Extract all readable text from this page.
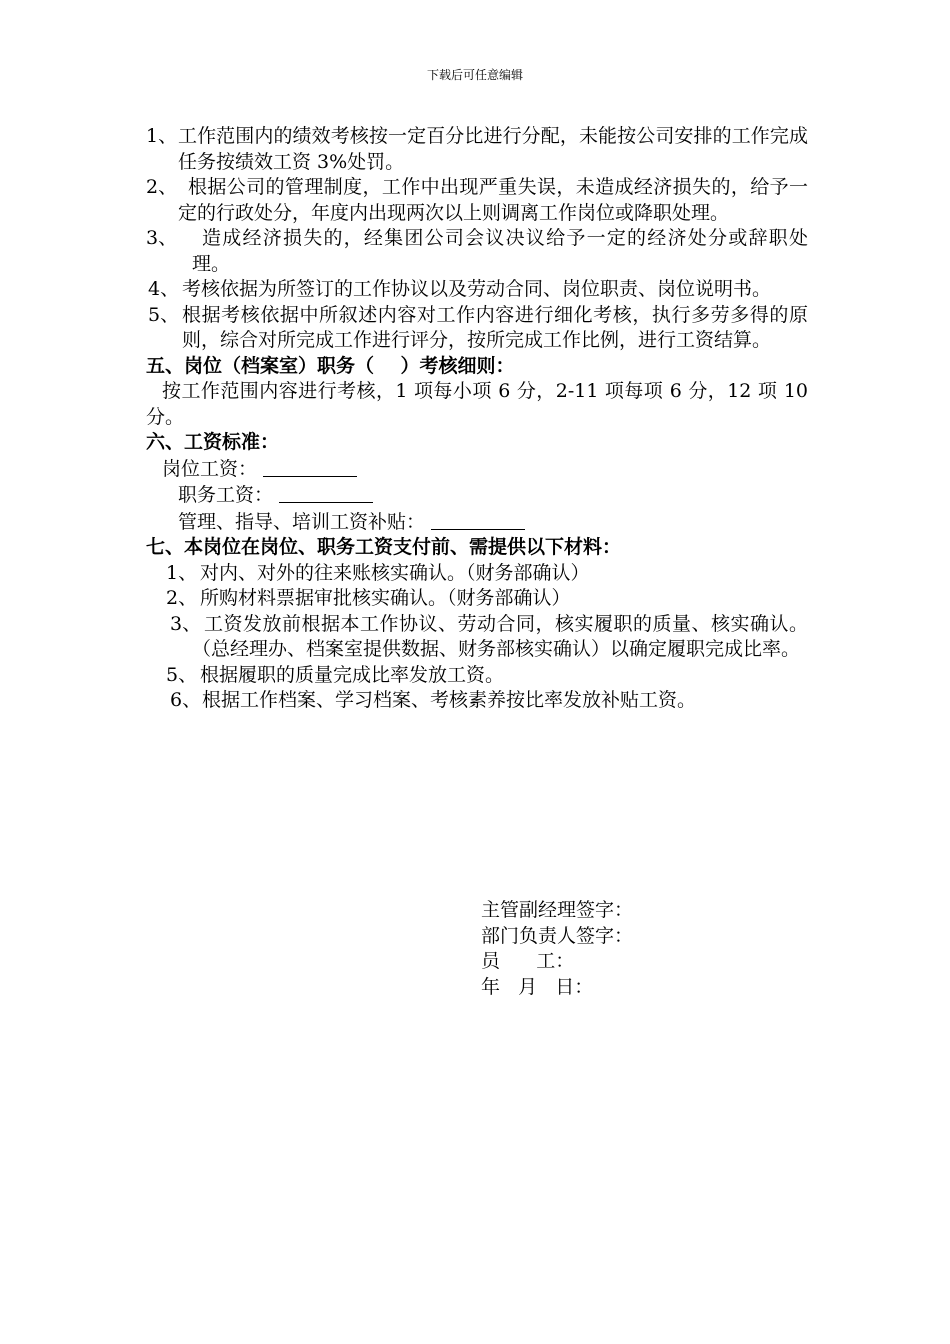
下载后可任意编辑
1、 工作范围内的绩效考核按一定百分比进行分配，未能按公司安排的工作完成任务按绩效工资 3%处罚。
2、 根据公司的管理制度，工作中出现严重失误，未造成经济损失的，给予一定的行政处分，年度内出现两次以上则调离工作岗位或降职处理。
3、	造成经济损失的，经集团公司会议决议给予一定的经济处分或辞职处理。
4、 考核依据为所签订的工作协议以及劳动合同、岗位职责、岗位说明书。
5、 根据考核依据中所叙述内容对工作内容进行细化考核，执行多劳多得的原则，综合对所完成工作进行评分，按所完成工作比例，进行工资结算。

五、岗位（档案室）职务（    ）考核细则：

按工作范围内容进行考核，1 项每小项 6 分，2-11 项每项 6 分，12 项 10 分。

六、工资标准：

岗位工资：

职务工资：

管理、指导、培训工资补贴：

七、本岗位在岗位、职务工资支付前、需提供以下材料：

1、 对内、对外的往来账核实确认。（财务部确认）
2、 所购材料票据审批核实确认。（财务部确认）
3、 工资发放前根据本工作协议、劳动合同，核实履职的质量、核实确认。（总经理办、档案室提供数据、财务部核实确认）以确定履职完成比率。
5、 根据履职的质量完成比率发放工资。
6、 根据工作档案、学习档案、考核素养按比率发放补贴工资。
主管副经理签字：
部门负责人签字：
员      工：
年   月   日：
